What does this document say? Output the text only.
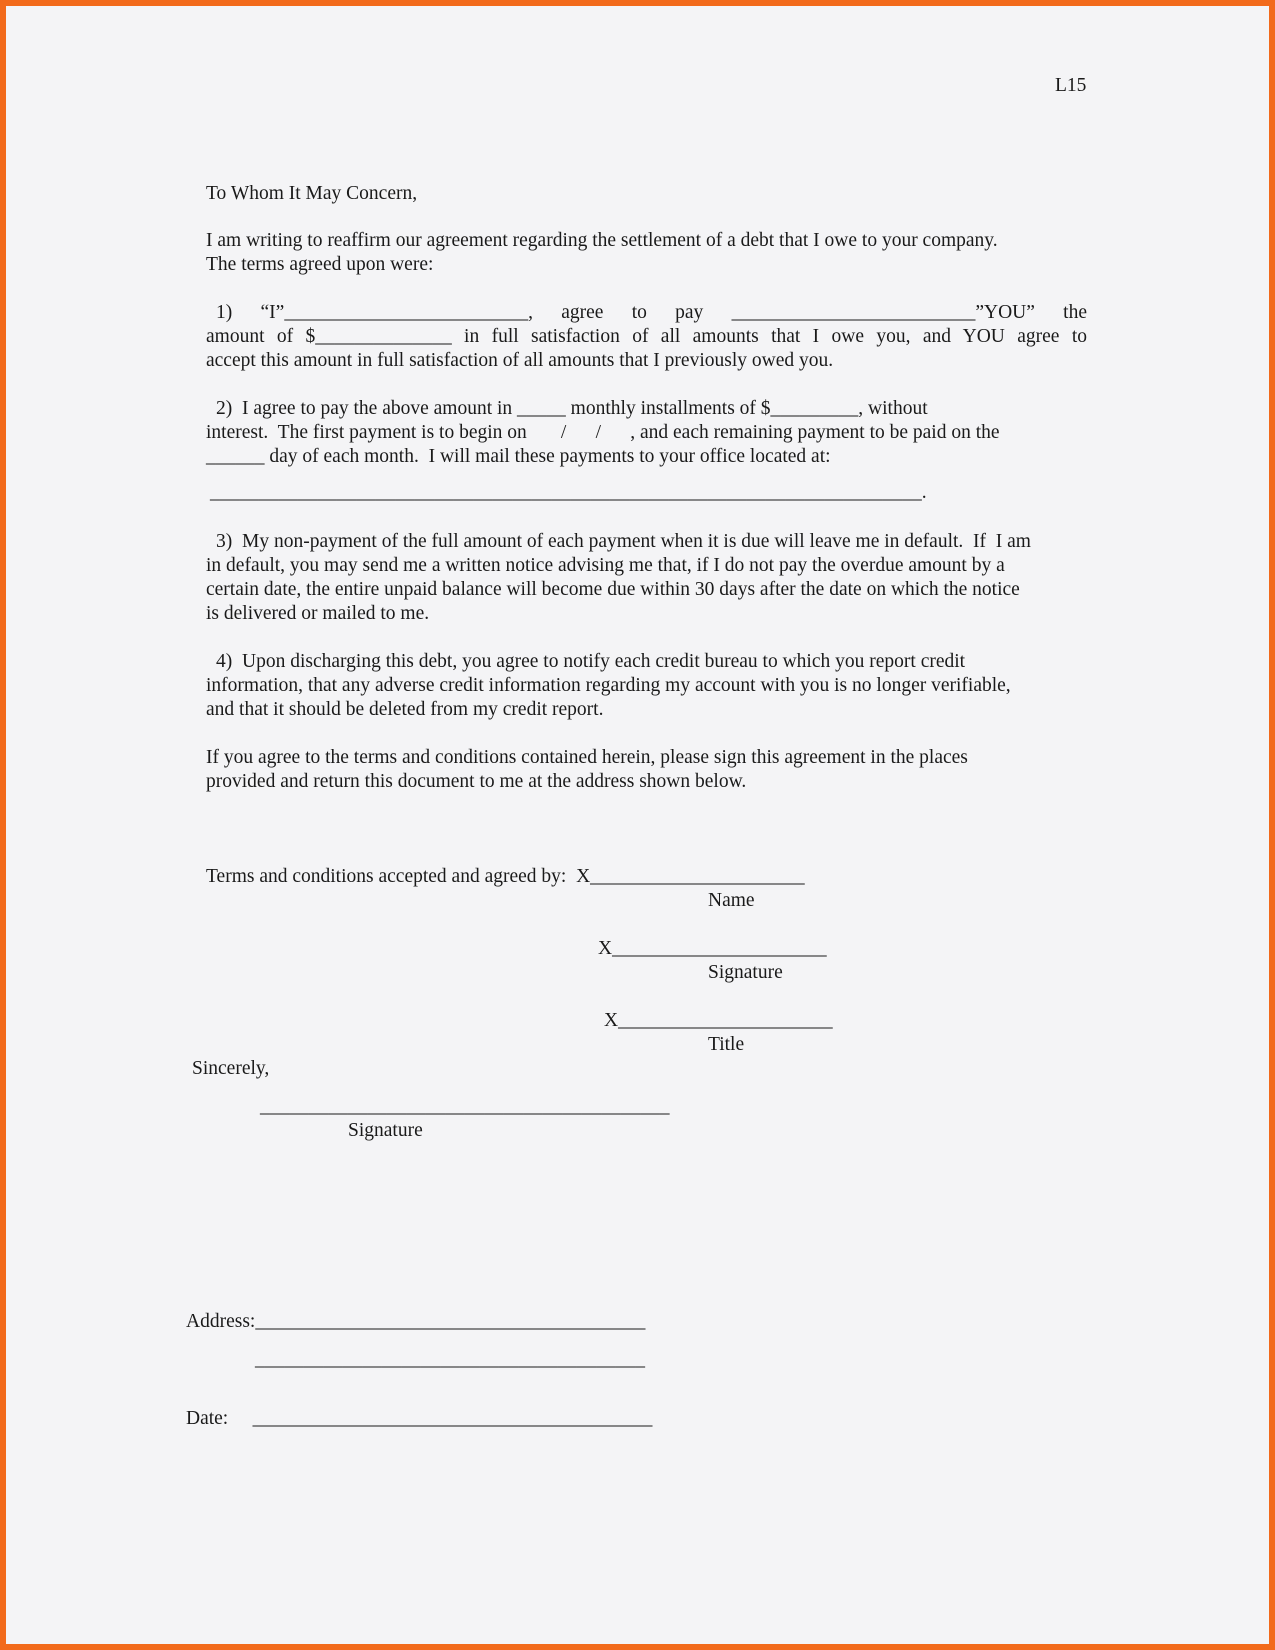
L15
To Whom It May Concern,
I am writing to reaffirm our agreement regarding the settlement of a debt that I owe to your company.
The terms agreed upon were:
1) “I”_________________________, agree to pay _________________________”YOU” the
amount of $______________ in full satisfaction of all amounts that I owe you, and YOU agree to
accept this amount in full satisfaction of all amounts that I previously owed you.
2)  I agree to pay the above amount in _____ monthly installments of $_________, without
interest.  The first payment is to begin on       /      /      , and each remaining payment to be paid on the
______ day of each month.  I will mail these payments to your office located at:
_________________________________________________________________________.
3)  My non-payment of the full amount of each payment when it is due will leave me in default.  If  I am
in default, you may send me a written notice advising me that, if I do not pay the overdue amount by a
certain date, the entire unpaid balance will become due within 30 days after the date on which the notice
is delivered or mailed to me.
4)  Upon discharging this debt, you agree to notify each credit bureau to which you report credit
information, that any adverse credit information regarding my account with you is no longer verifiable,
and that it should be deleted from my credit report.
If you agree to the terms and conditions contained herein, please sign this agreement in the places
provided and return this document to me at the address shown below.
Terms and conditions accepted and agreed by:  X______________________
Name
X______________________
Signature
X______________________
Title
Sincerely,
__________________________________________
Signature
Address:________________________________________
________________________________________
Date:     _________________________________________
